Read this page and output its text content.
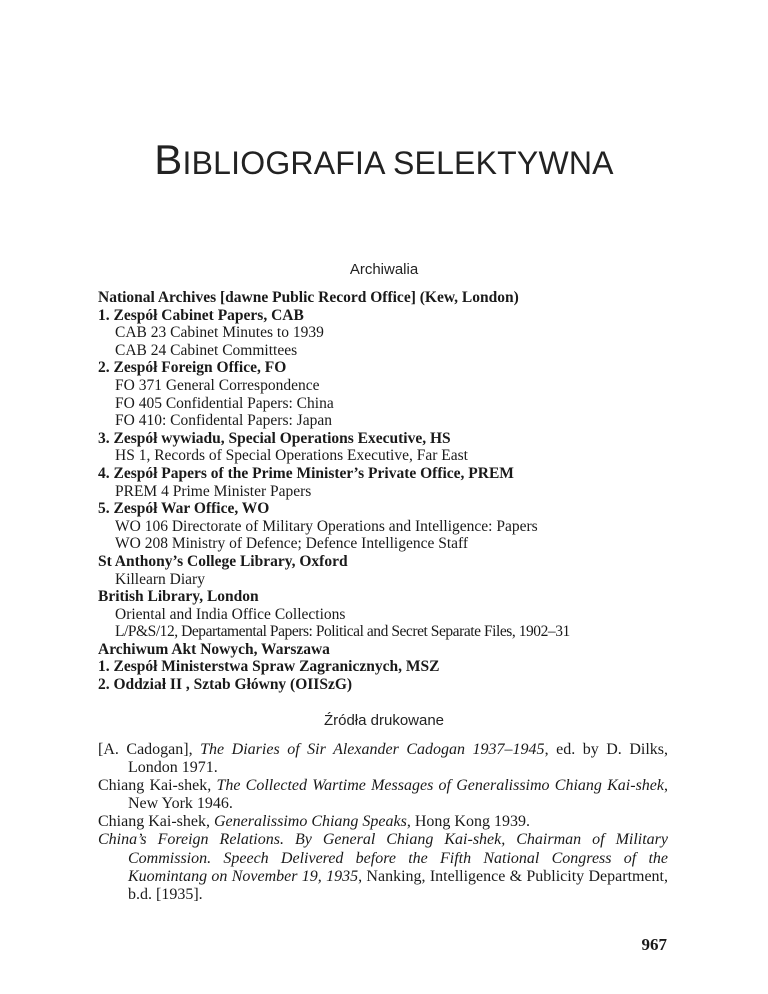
BIBLIOGRAFIA SELEKTYWNA
Archiwalia
National Archives [dawne Public Record Office] (Kew, London)
1. Zespół Cabinet Papers, CAB
CAB 23 Cabinet Minutes to 1939
CAB 24 Cabinet Committees
2. Zespół Foreign Office, FO
FO 371 General Correspondence
FO 405 Confidential Papers: China
FO 410: Confidental Papers: Japan
3. Zespół wywiadu, Special Operations Executive, HS
HS 1, Records of Special Operations Executive, Far East
4. Zespół Papers of the Prime Minister’s Private Office, PREM
PREM 4 Prime Minister Papers
5. Zespół War Office, WO
WO 106 Directorate of Military Operations and Intelligence: Papers
WO 208 Ministry of Defence; Defence Intelligence Staff
St Anthony’s College Library, Oxford
Killearn Diary
British Library, London
Oriental and India Office Collections
L/P&S/12, Departamental Papers: Political and Secret Separate Files, 1902–31
Archiwum Akt Nowych, Warszawa
1. Zespół Ministerstwa Spraw Zagranicznych, MSZ
2. Oddział II , Sztab Główny (OIISzG)
Źródła drukowane
[A. Cadogan], The Diaries of Sir Alexander Cadogan 1937–1945, ed. by D. Dilks, London 1971.
Chiang Kai-shek, The Collected Wartime Messages of Generalissimo Chiang Kai-shek, New York 1946.
Chiang Kai-shek, Generalissimo Chiang Speaks, Hong Kong 1939.
China’s Foreign Relations. By General Chiang Kai-shek, Chairman of Military Commission. Speech Delivered before the Fifth National Congress of the Kuomintang on November 19, 1935, Nanking, Intelligence & Publicity Department, b.d. [1935].
967
